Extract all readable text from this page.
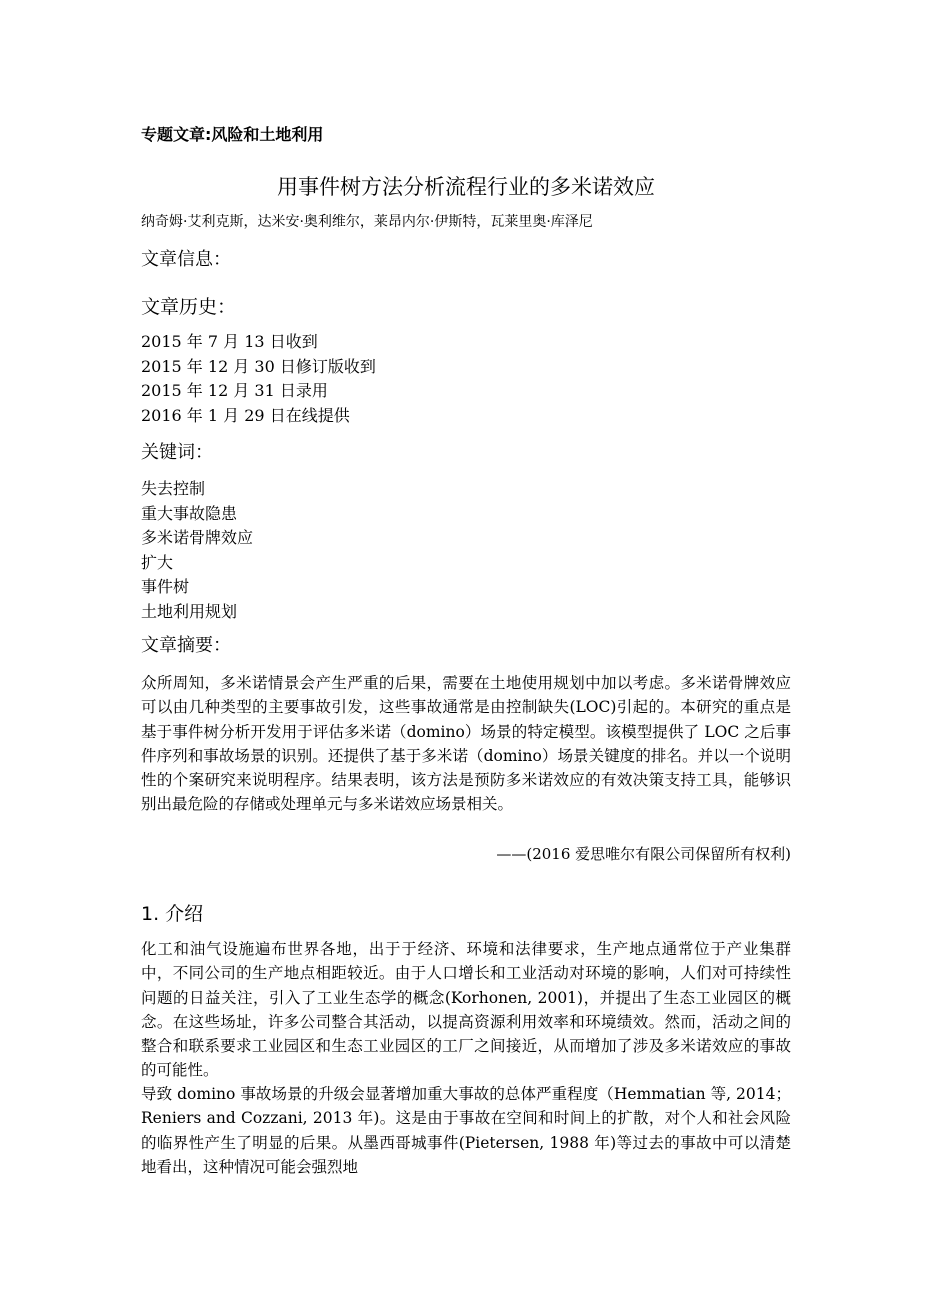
专题文章:风险和土地利用
用事件树方法分析流程行业的多米诺效应
纳奇姆·艾利克斯，达米安·奥利维尔，莱昂内尔·伊斯特，瓦莱里奥·库泽尼
文章信息：
文章历史：
2015 年 7 月 13 日收到
2015 年 12 月 30 日修订版收到
2015 年 12 月 31 日录用
2016 年 1 月 29 日在线提供
关键词：
失去控制
重大事故隐患
多米诺骨牌效应
扩大
事件树
土地利用规划
文章摘要：

众所周知，多米诺情景会产生严重的后果，需要在土地使用规划中加以考虑。多米诺骨牌效应可以由几种类型的主要事故引发，这些事故通常是由控制缺失(LOC)引起的。本研究的重点是基于事件树分析开发用于评估多米诺（domino）场景的特定模型。该模型提供了 LOC 之后事件序列和事故场景的识别。还提供了基于多米诺（domino）场景关键度的排名。并以一个说明性的个案研究来说明程序。结果表明，该方法是预防多米诺效应的有效决策支持工具，能够识别出最危险的存储或处理单元与多米诺效应场景相关。

——(2016 爱思唯尔有限公司保留所有权利)
1. 介绍

化工和油气设施遍布世界各地，出于于经济、环境和法律要求，生产地点通常位于产业集群中，不同公司的生产地点相距较近。由于人口增长和工业活动对环境的影响，人们对可持续性问题的日益关注，引入了工业生态学的概念(Korhonen, 2001)，并提出了生态工业园区的概念。在这些场址，许多公司整合其活动，以提高资源利用效率和环境绩效。然而，活动之间的整合和联系要求工业园区和生态工业园区的工厂之间接近，从而增加了涉及多米诺效应的事故的可能性。

导致 domino 事故场景的升级会显著增加重大事故的总体严重程度（Hemmatian 等, 2014；Reniers and Cozzani, 2013 年)。这是由于事故在空间和时间上的扩散，对个人和社会风险的临界性产生了明显的后果。从墨西哥城事件(Pietersen, 1988 年)等过去的事故中可以清楚地看出，这种情况可能会强烈地
